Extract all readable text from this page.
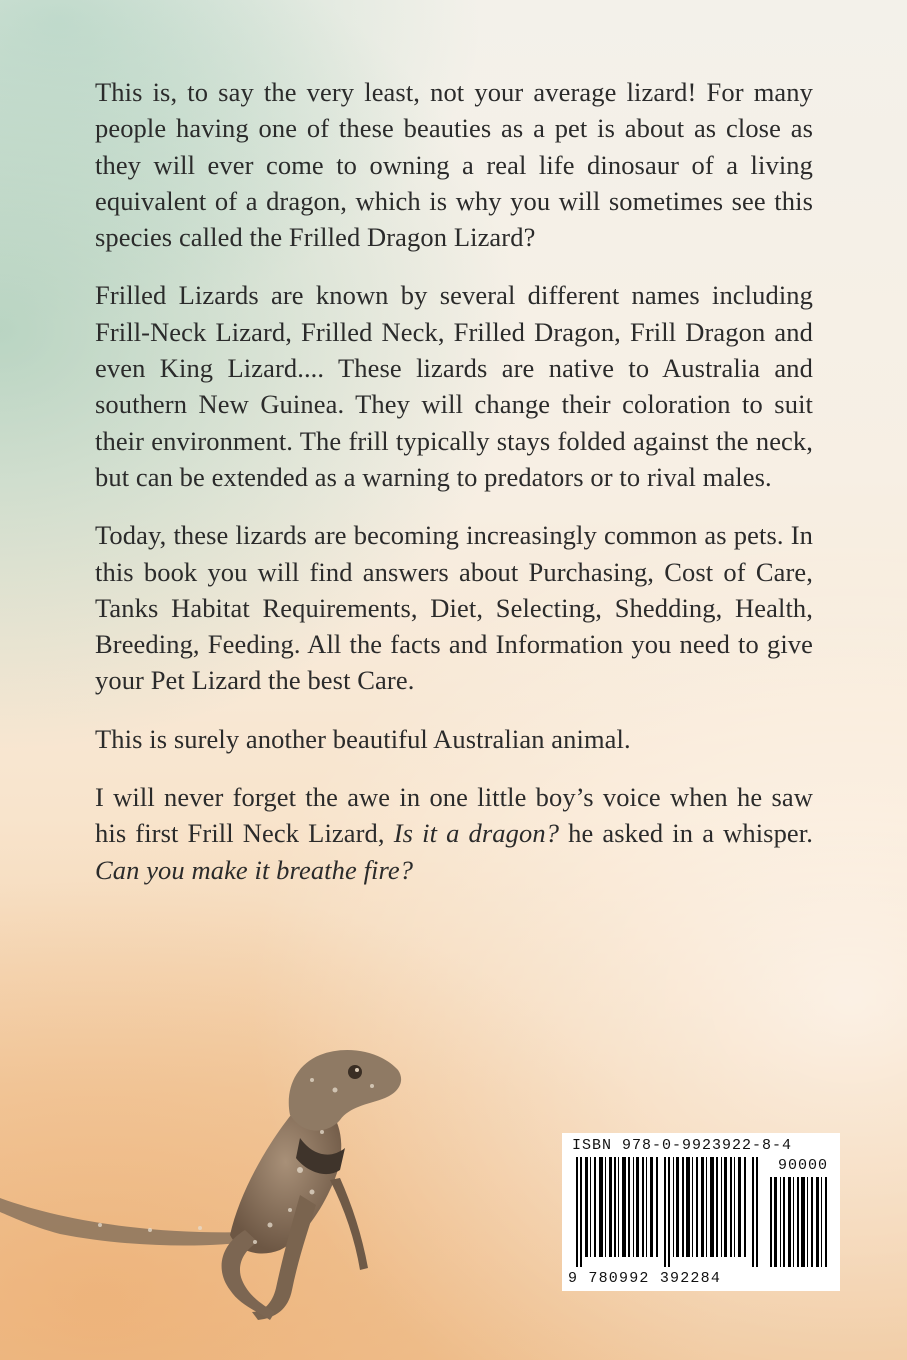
This is, to say the very least, not your average lizard! For many people having one of these beauties as a pet is about as close as they will ever come to owning a real life dinosaur of a living equivalent of a dragon, which is why you will sometimes see this species called the Frilled Dragon Lizard?

Frilled Lizards are known by several different names including Frill-Neck Lizard, Frilled Neck, Frilled Dragon, Frill Dragon and even King Lizard.... These lizards are native to Australia and southern New Guinea. They will change their coloration to suit their environment. The frill typically stays folded against the neck, but can be extended as a warning to predators or to rival males.

Today, these lizards are becoming increasingly common as pets. In this book you will find answers about Purchasing, Cost of Care, Tanks Habitat Requirements, Diet, Selecting, Shedding, Health, Breeding, Feeding. All the facts and Information you need to give your Pet Lizard the best Care.

This is surely another beautiful Australian animal.

I will never forget the awe in one little boy’s voice when he saw his first Frill Neck Lizard, Is it a dragon? he asked in a whisper. Can you make it breathe fire?

ISBN 978-0-9923922-8-4
90000
9 780992 392284
